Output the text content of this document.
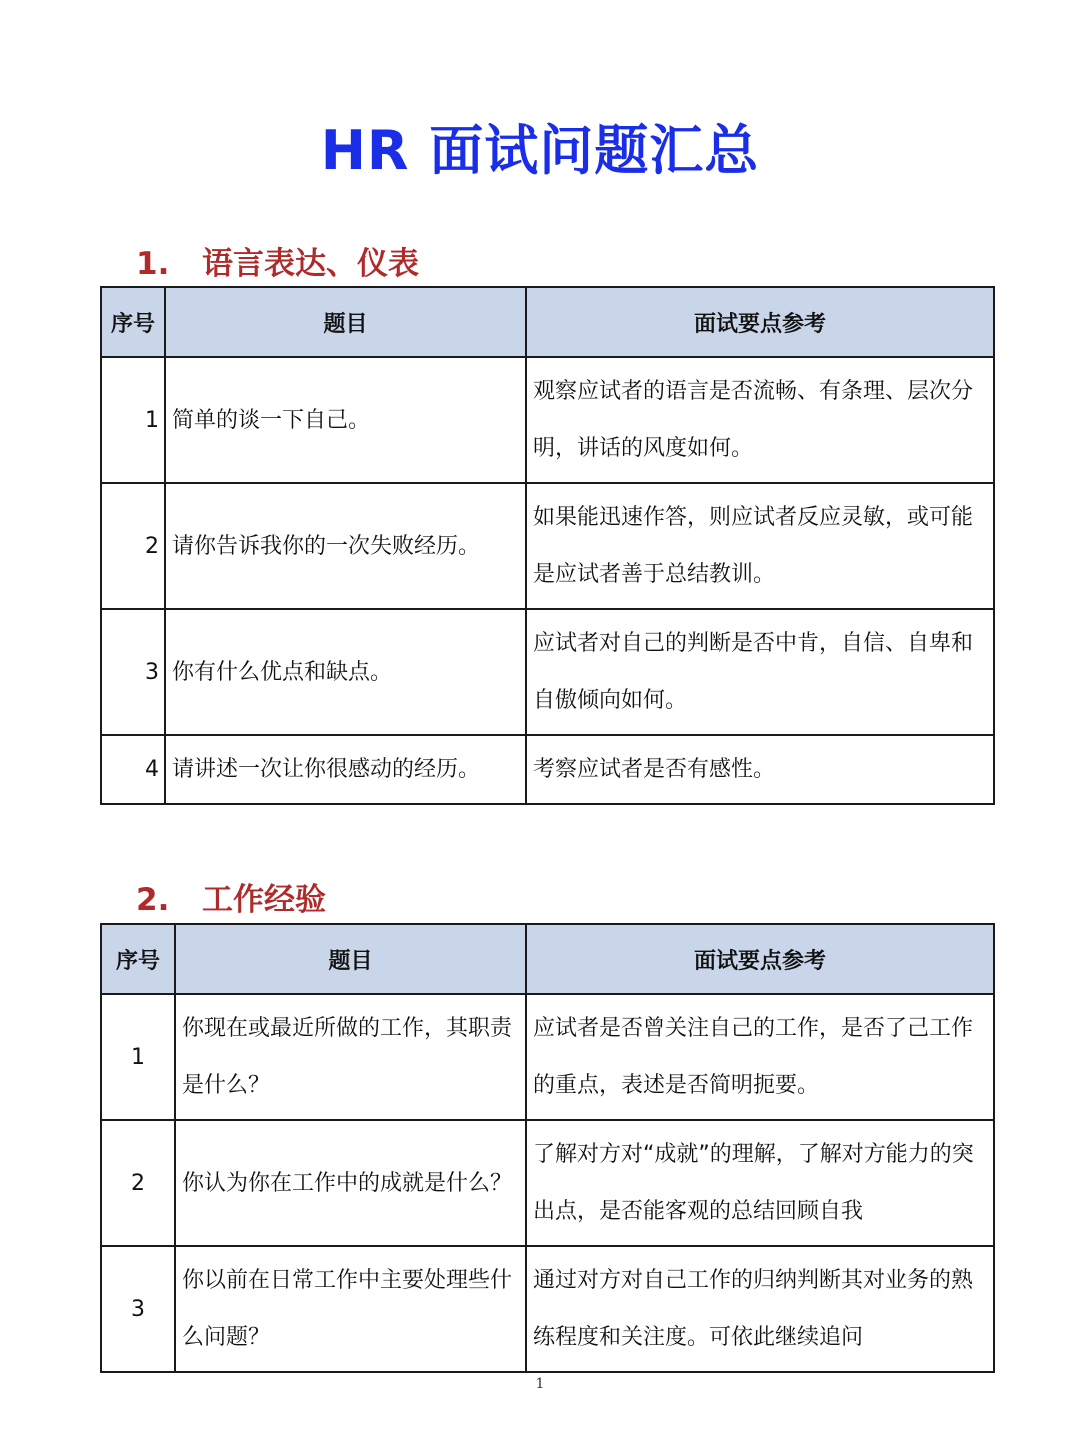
HR 面试问题汇总
1. 语言表达、仪表
序号	题目	面试要点参考
1	简单的谈一下自己。	观察应试者的语言是否流畅、有条理、层次分明，讲话的风度如何。
2	请你告诉我你的一次失败经历。	如果能迅速作答，则应试者反应灵敏，或可能是应试者善于总结教训。
3	你有什么优点和缺点。	应试者对自己的判断是否中肯，自信、自卑和自傲倾向如何。
4	请讲述一次让你很感动的经历。	考察应试者是否有感性。
2. 工作经验
序号	题目	面试要点参考
1	你现在或最近所做的工作，其职责是什么？	应试者是否曾关注自己的工作，是否了己工作的重点，表述是否简明扼要。
2	你认为你在工作中的成就是什么？	了解对方对“成就”的理解，了解对方能力的突出点，是否能客观的总结回顾自我
3	你以前在日常工作中主要处理些什么问题？	通过对方对自己工作的归纳判断其对业务的熟练程度和关注度。可依此继续追问
1
